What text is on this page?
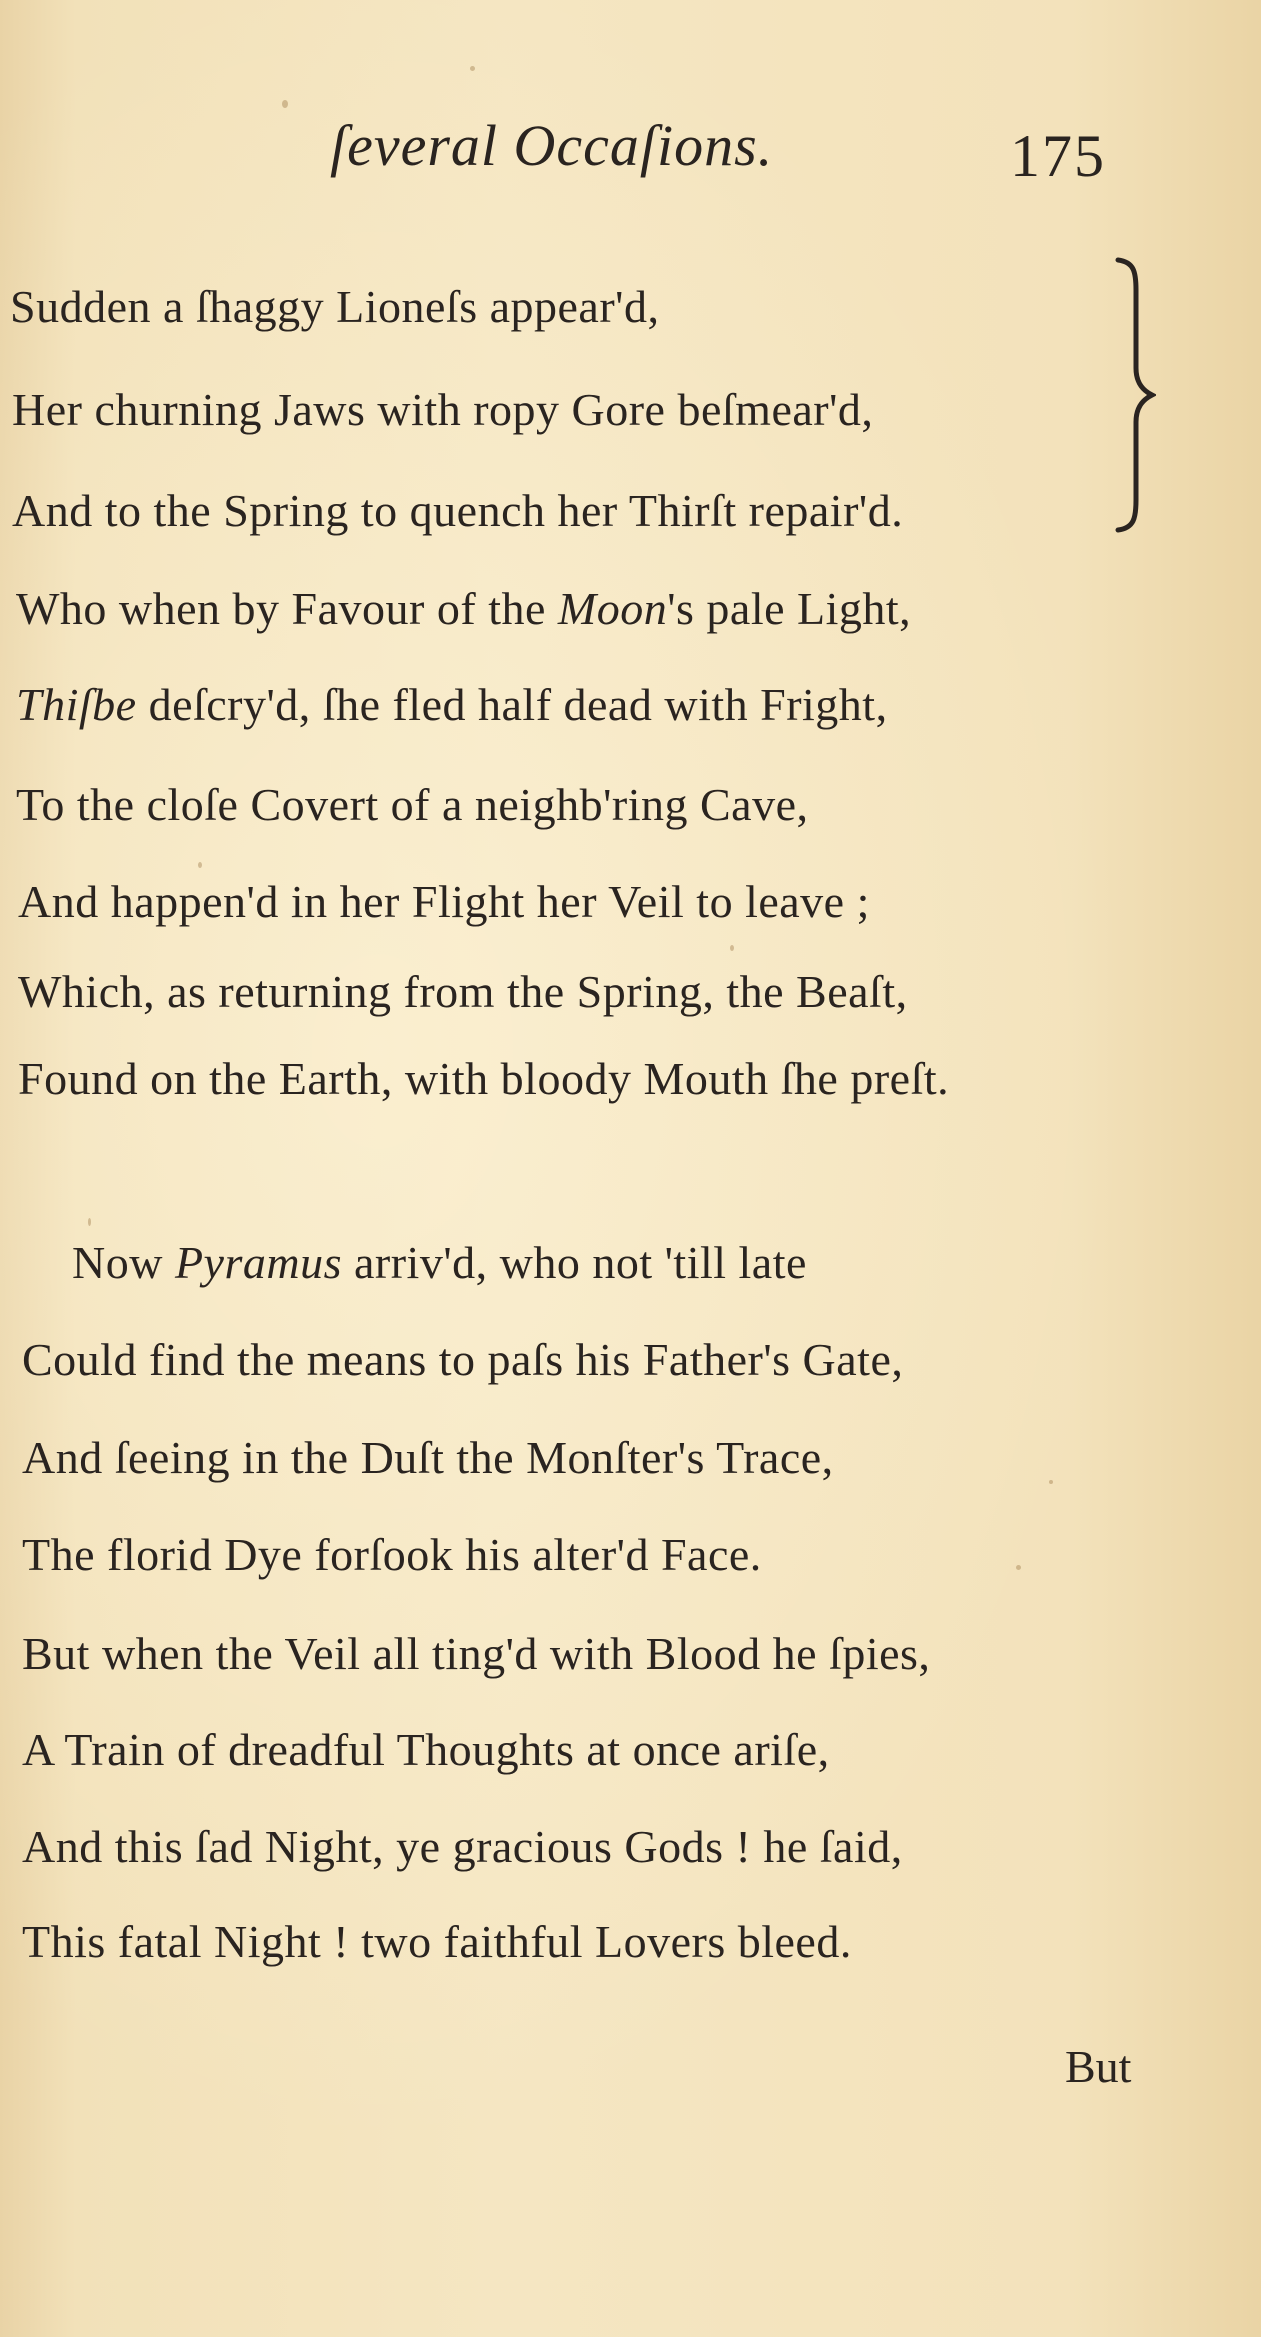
ſeveral Occaſions.	175
Sudden a ſhaggy Lioneſs appear'd,
Her churning Jaws with ropy Gore beſmear'd,
And to the Spring to quench her Thirſt repair'd.
Who when by Favour of the Moon's pale Light,
Thiſbe deſcry'd, ſhe fled half dead with Fright,
To the cloſe Covert of a neighb'ring Cave,
And happen'd in her Flight her Veil to leave ;
Which, as returning from the Spring, the Beaſt,
Found on the Earth, with bloody Mouth ſhe preſt.
Now Pyramus arriv'd, who not 'till late
Could find the means to paſs his Father's Gate,
And ſeeing in the Duſt the Monſter's Trace,
The florid Dye forſook his alter'd Face.
But when the Veil all ting'd with Blood he ſpies,
A Train of dreadful Thoughts at once ariſe,
And this ſad Night, ye gracious Gods ! he ſaid,
This fatal Night ! two faithful Lovers bleed.
But
